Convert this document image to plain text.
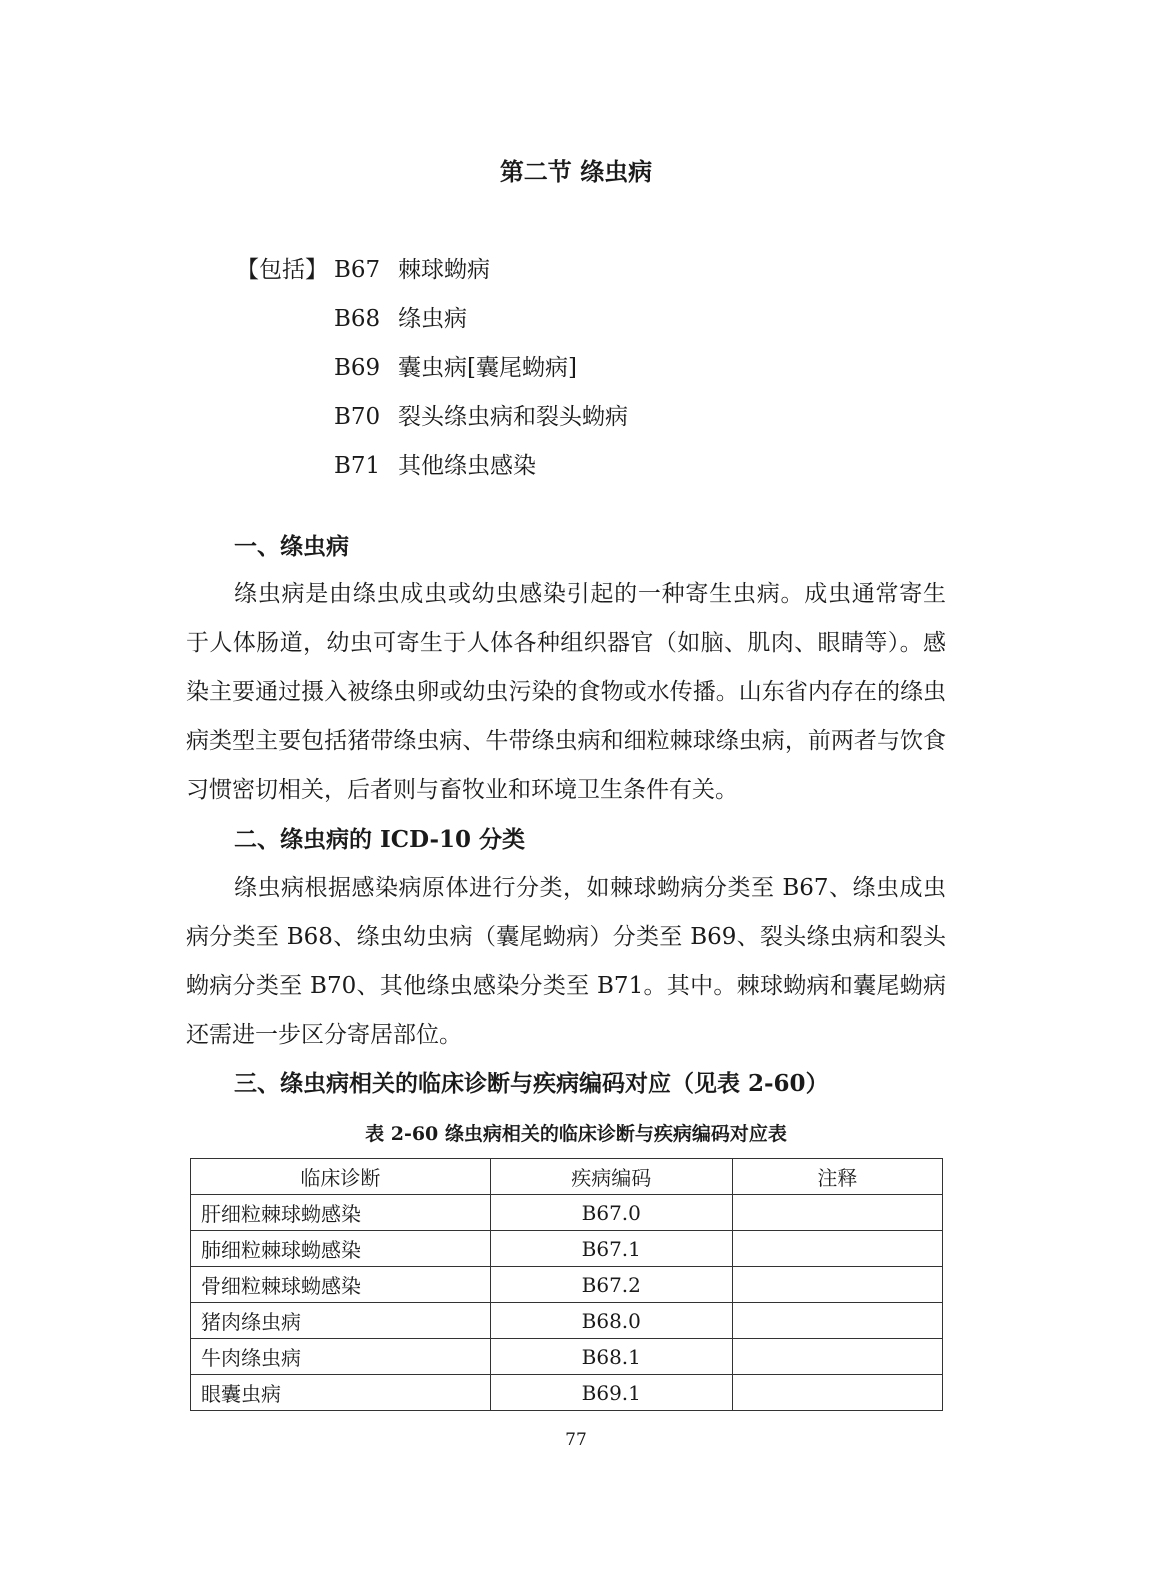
第二节 绦虫病
【包括】 B67 棘球蚴病
B68 绦虫病
B69 囊虫病[囊尾蚴病]
B70 裂头绦虫病和裂头蚴病
B71 其他绦虫感染
一、绦虫病

绦虫病是由绦虫成虫或幼虫感染引起的一种寄生虫病。成虫通常寄生于人体肠道，幼虫可寄生于人体各种组织器官（如脑、肌肉、眼睛等）。感染主要通过摄入被绦虫卵或幼虫污染的食物或水传播。山东省内存在的绦虫病类型主要包括猪带绦虫病、牛带绦虫病和细粒棘球绦虫病，前两者与饮食习惯密切相关，后者则与畜牧业和环境卫生条件有关。

二、绦虫病的 ICD-10 分类

绦虫病根据感染病原体进行分类，如棘球蚴病分类至 B67、绦虫成虫病分类至 B68、绦虫幼虫病（囊尾蚴病）分类至 B69、裂头绦虫病和裂头蚴病分类至 B70、其他绦虫感染分类至 B71。其中。棘球蚴病和囊尾蚴病还需进一步区分寄居部位。

三、绦虫病相关的临床诊断与疾病编码对应（见表 2-60）
表 2-60 绦虫病相关的临床诊断与疾病编码对应表
临床诊断	疾病编码	注释
肝细粒棘球蚴感染	B67.0	
肺细粒棘球蚴感染	B67.1	
骨细粒棘球蚴感染	B67.2	
猪肉绦虫病	B68.0	
牛肉绦虫病	B68.1	
眼囊虫病	B69.1	
77
